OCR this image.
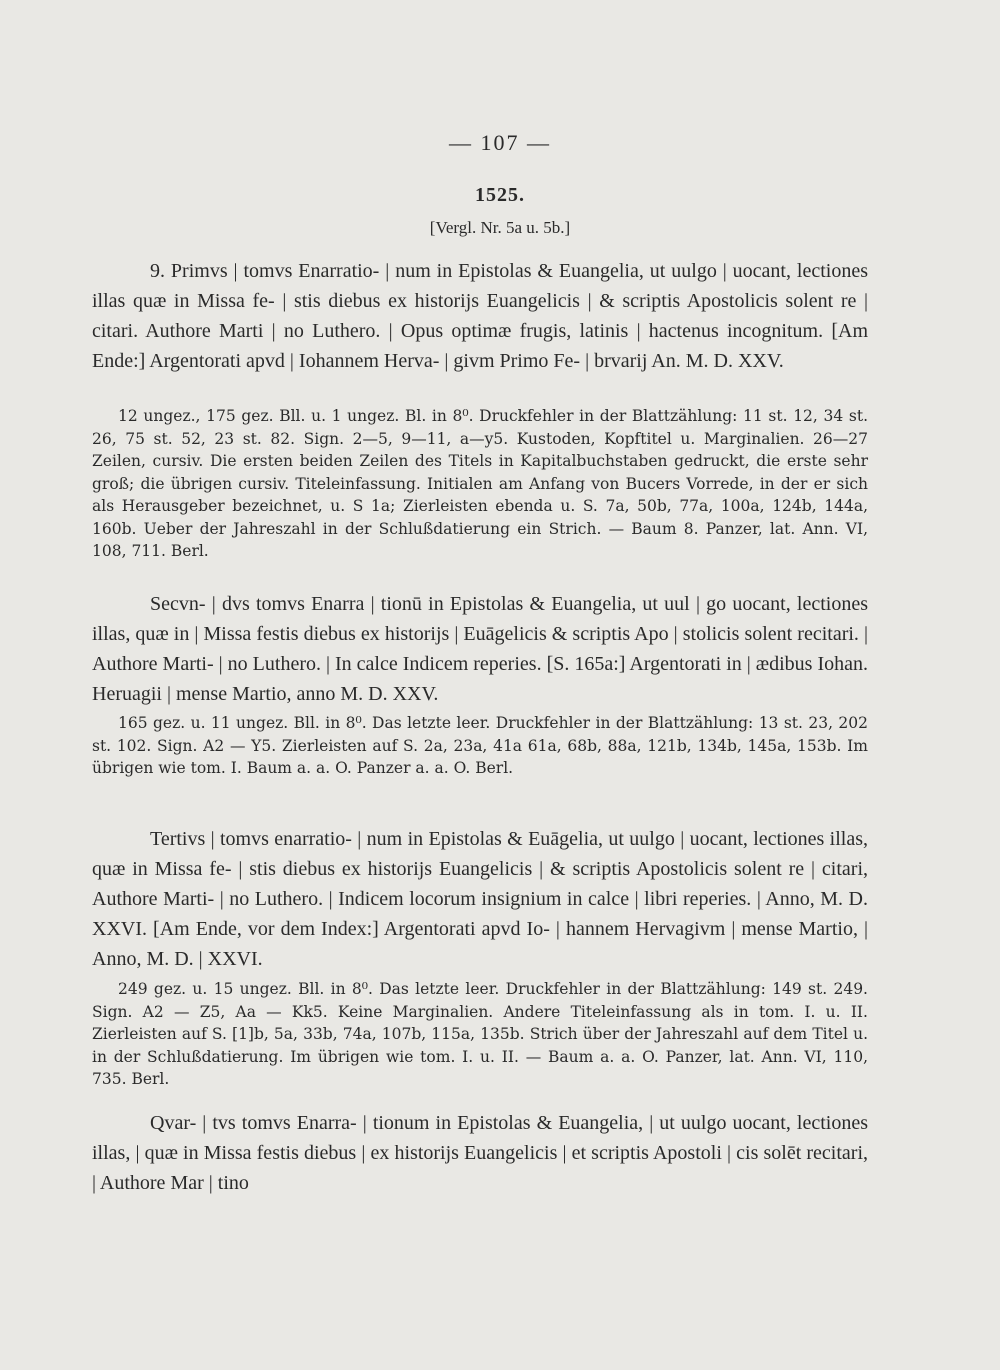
— 107 —
1525.
[Vergl. Nr. 5a u. 5b.]
9. Primvs | tomvs Enarratio- | num in Epistolas & Euangelia, ut uulgo | uocant, lectiones illas quæ in Missa fe- | stis diebus ex historijs Euangelicis | & scriptis Apostolicis solent re | citari. Authore Marti | no Luthero. | Opus optimæ frugis, latinis | hactenus incognitum. [Am Ende:] Argentorati apvd | Iohannem Herva- | givm Primo Fe- | brvarij An. M. D. XXV.
12 ungez., 175 gez. Bll. u. 1 ungez. Bl. in 8⁰. Druckfehler in der Blattzählung: 11 st. 12, 34 st. 26, 75 st. 52, 23 st. 82. Sign. 2—5, 9—11, a—y5. Kustoden, Kopftitel u. Marginalien. 26—27 Zeilen, cursiv. Die ersten beiden Zeilen des Titels in Kapitalbuchstaben gedruckt, die erste sehr groß; die übrigen cursiv. Titeleinfassung. Initialen am Anfang von Bucers Vorrede, in der er sich als Herausgeber bezeichnet, u. S 1a; Zierleisten ebenda u. S. 7a, 50b, 77a, 100a, 124b, 144a, 160b. Ueber der Jahreszahl in der Schlußdatierung ein Strich. — Baum 8. Panzer, lat. Ann. VI, 108, 711. Berl.
Secvn- | dvs tomvs Enarra | tionū in Epistolas & Euangelia, ut uul | go uocant, lectiones illas, quæ in | Missa festis diebus ex historijs | Euāgelicis & scriptis Apo | stolicis solent recitari. | Authore Marti- | no Luthero. | In calce Indicem reperies. [S. 165a:] Argentorati in | ædibus Iohan. Heruagii | mense Martio, anno M. D. XXV.
165 gez. u. 11 ungez. Bll. in 8⁰. Das letzte leer. Druckfehler in der Blattzählung: 13 st. 23, 202 st. 102. Sign. A2 — Y5. Zierleisten auf S. 2a, 23a, 41a 61a, 68b, 88a, 121b, 134b, 145a, 153b. Im übrigen wie tom. I. Baum a. a. O. Panzer a. a. O. Berl.
Tertivs | tomvs enarratio- | num in Epistolas & Euāgelia, ut uulgo | uocant, lectiones illas, quæ in Missa fe- | stis diebus ex historijs Euangelicis | & scriptis Apostolicis solent re | citari, Authore Marti- | no Luthero. | Indicem locorum insignium in calce | libri reperies. | Anno, M. D. XXVI. [Am Ende, vor dem Index:] Argentorati apvd Io- | hannem Hervagivm | mense Martio, | Anno, M. D. | XXVI.
249 gez. u. 15 ungez. Bll. in 8⁰. Das letzte leer. Druckfehler in der Blattzählung: 149 st. 249. Sign. A2 — Z5, Aa — Kk5. Keine Marginalien. Andere Titeleinfassung als in tom. I. u. II. Zierleisten auf S. [1]b, 5a, 33b, 74a, 107b, 115a, 135b. Strich über der Jahreszahl auf dem Titel u. in der Schlußdatierung. Im übrigen wie tom. I. u. II. — Baum a. a. O. Panzer, lat. Ann. VI, 110, 735. Berl.
Qvar- | tvs tomvs Enarra- | tionum in Epistolas & Euangelia, | ut uulgo uocant, lectiones illas, | quæ in Missa festis diebus | ex historijs Euangelicis | et scriptis Apostoli | cis solēt recitari, | Authore Mar | tino
